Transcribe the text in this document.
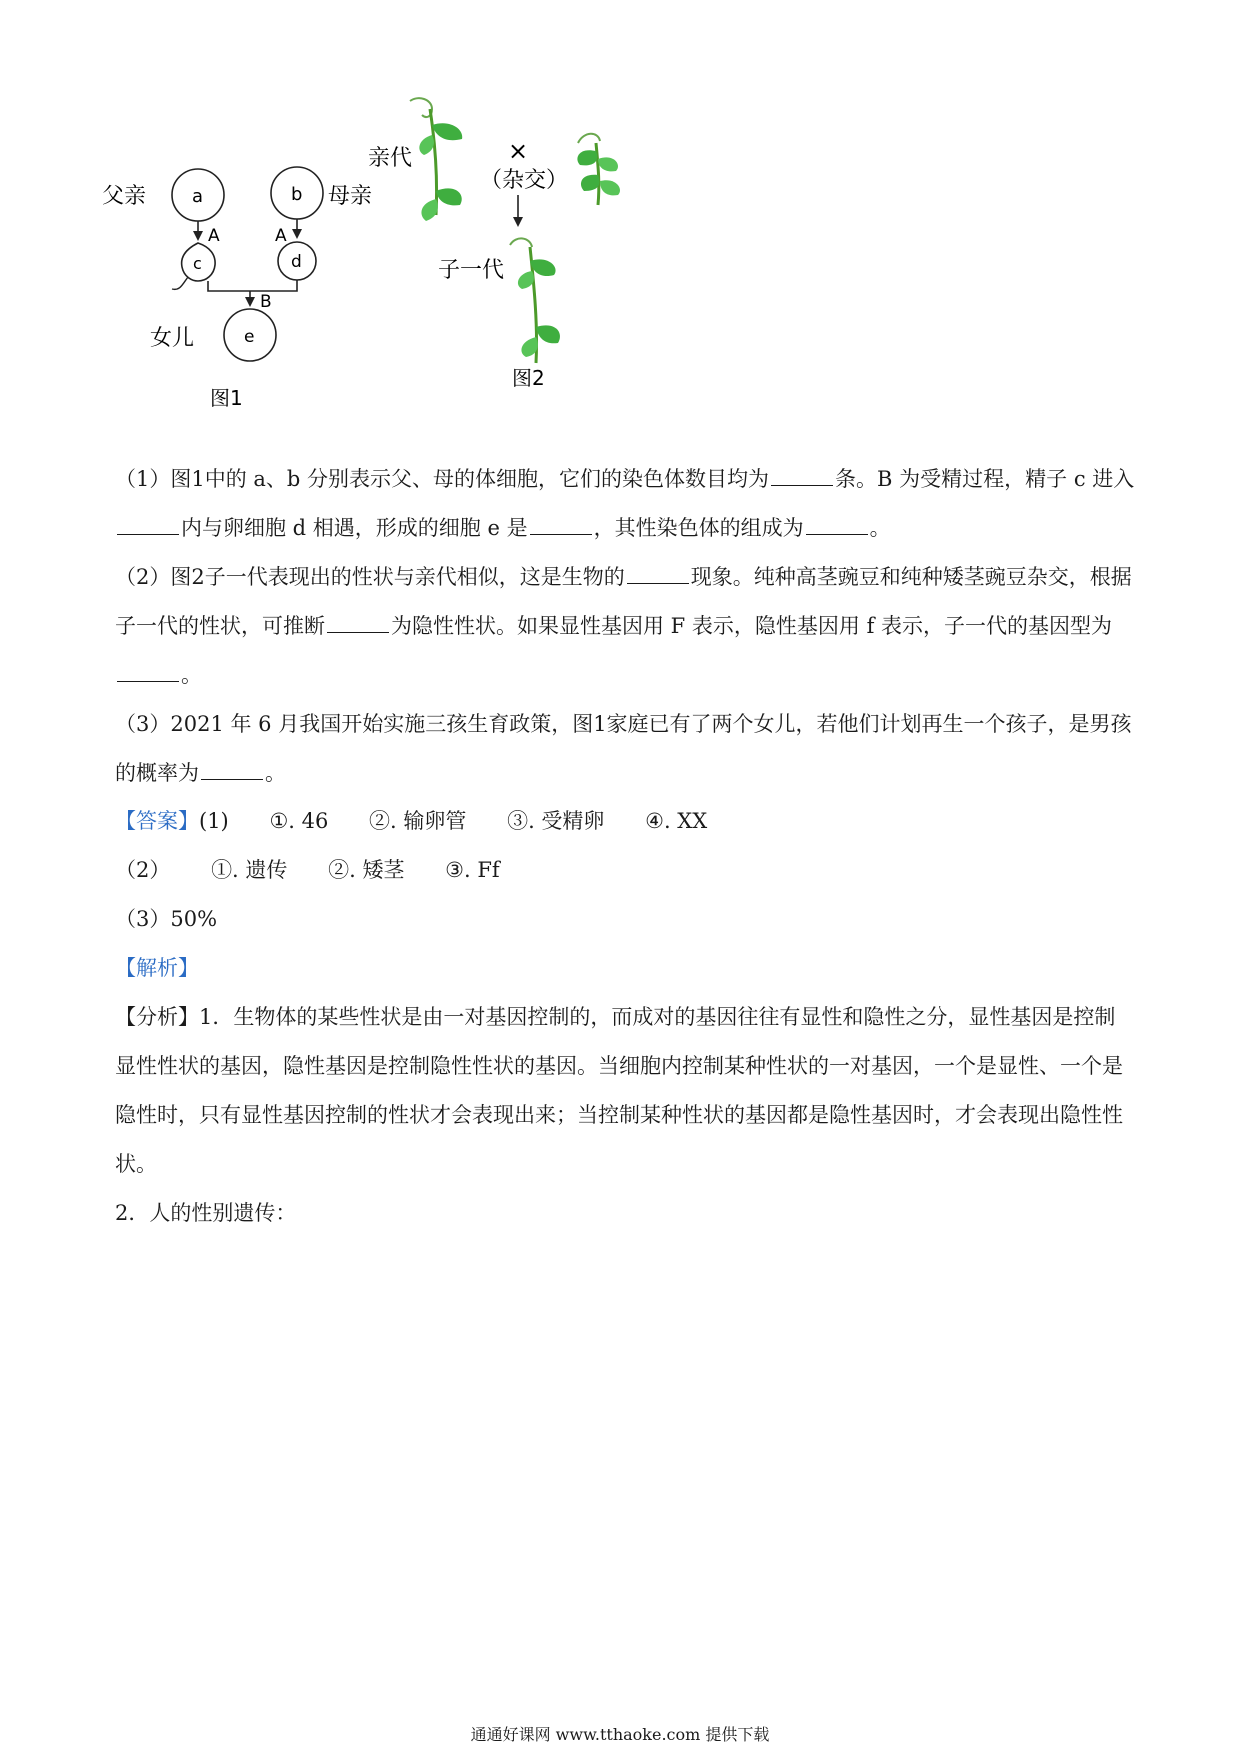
父亲	a	b 母亲
A	A
c	d
B
e
女儿
图1
亲代	×
（杂交）
子一代
图2

（1）图1中的 a、b 分别表示父、母的体细胞，它们的染色体数目均为	条。B 为受精过程，精子 c 进入内与卵细胞 d 相遇，形成的细胞 e 是	，其性染色体的组成为	。

（2）图2子一代表现出的性状与亲代相似，这是生物的	现象。纯种高茎豌豆和纯种矮茎豌豆杂交，根据子一代的性状，可推断	为隐性性状。如果显性基因用 F 表示，隐性基因用 f 表示，子一代的基因型为。

（3）2021 年 6 月我国开始实施三孩生育政策，图1家庭已有了两个女儿，若他们计划再生一个孩子，是男孩的概率为	。

【答案】(1) ①. 46 ②. 输卵管 ③. 受精卵 ④. XX

（2） ①. 遗传 ②. 矮茎 ③. Ff

（3）50%

【解析】

【分析】1．生物体的某些性状是由一对基因控制的，而成对的基因往往有显性和隐性之分，显性基因是控制显性性状的基因，隐性基因是控制隐性性状的基因。当细胞内控制某种性状的一对基因，一个是显性、一个是隐性时，只有显性基因控制的性状才会表现出来；当控制某种性状的基因都是隐性基因时，才会表现出隐性性状。

2．人的性别遗传：

通通好课网 www.tthaoke.com 提供下载
